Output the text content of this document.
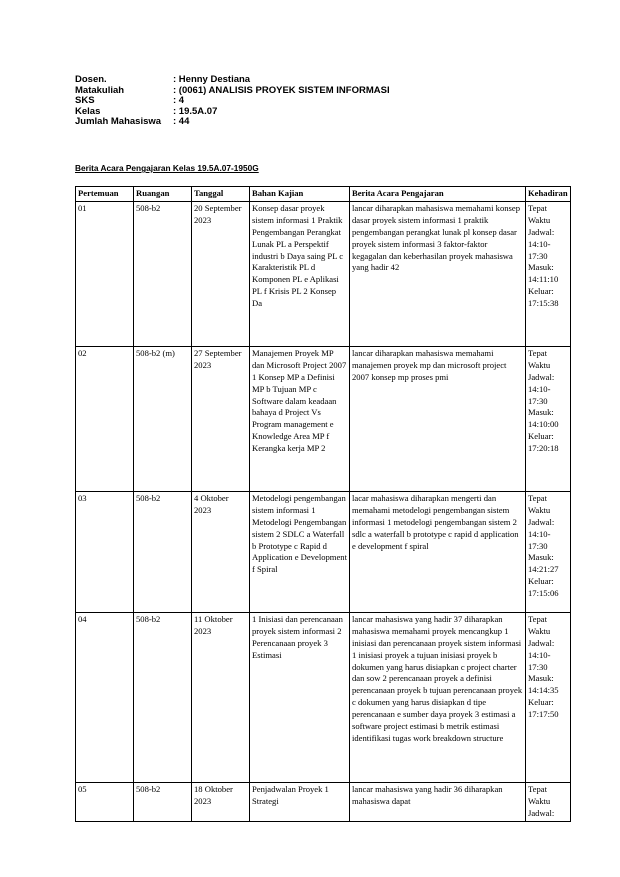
Dosen.	: Henny Destiana
Matakuliah	: (0061) ANALISIS PROYEK SISTEM INFORMASI
SKS	: 4
Kelas	: 19.5A.07
Jumlah Mahasiswa	: 44
Berita Acara Pengajaran Kelas 19.5A.07-1950G
Pertemuan	Ruangan	Tanggal	Bahan Kajian	Berita Acara Pengajaran	Kehadiran
01	508-b2	20 September 2023	Konsep dasar proyek sistem informasi 1 Praktik Pengembangan Perangkat Lunak PL a Perspektif industri b Daya saing PL c Karakteristik PL d Komponen PL e Aplikasi PL f Krisis PL 2 Konsep Da	lancar diharapkan mahasiswa memahami konsep dasar proyek sistem informasi 1 praktik pengembangan perangkat lunak pl konsep dasar proyek sistem informasi 3 faktor-faktor kegagalan dan keberhasilan proyek mahasiswa yang hadir 42	Tepat Waktu Jadwal: 14:10-17:30 Masuk: 14:11:10 Keluar: 17:15:38
02	508-b2 (m)	27 September 2023	Manajemen Proyek MP dan Microsoft Project 2007 1 Konsep MP a Definisi MP b Tujuan MP c Software dalam keadaan bahaya d Project Vs Program management e Knowledge Area MP f Kerangka kerja MP 2	lancar diharapkan mahasiswa memahami manajemen proyek mp dan microsoft project 2007 konsep mp proses pmi	Tepat Waktu Jadwal: 14:10-17:30 Masuk: 14:10:00 Keluar: 17:20:18
03	508-b2	4 Oktober 2023	Metodelogi pengembangan sistem informasi 1 Metodelogi Pengembangan sistem 2 SDLC a Waterfall b Prototype c Rapid d Application e Development f Spiral	lacar mahasiswa diharapkan mengerti dan memahami metodelogi pengembangan sistem informasi 1 metodelogi pengembangan sistem 2 sdlc a waterfall b prototype c rapid d application e development f spiral	Tepat Waktu Jadwal: 14:10-17:30 Masuk: 14:21:27 Keluar: 17:15:06
04	508-b2	11 Oktober 2023	1 Inisiasi dan perencanaan proyek sistem informasi 2 Perencanaan proyek 3 Estimasi	lancar mahasiswa yang hadir 37 diharapkan mahasiswa memahami proyek mencangkup 1 inisiasi dan perencanaan proyek sistem informasi 1 inisiasi proyek a tujuan inisiasi proyek b dokumen yang harus disiapkan c project charter dan sow 2 perencanaan proyek a definisi perencanaan proyek b tujuan perencanaan proyek c dokumen yang harus disiapkan d tipe perencanaan e sumber daya proyek 3 estimasi a software project estimasi b metrik estimasi identifikasi tugas work breakdown structure	Tepat Waktu Jadwal: 14:10-17:30 Masuk: 14:14:35 Keluar: 17:17:50
05	508-b2	18 Oktober 2023	Penjadwalan Proyek 1 Strategi	lancar mahasiswa yang hadir 36 diharapkan mahasiswa dapat	Tepat Waktu Jadwal:
